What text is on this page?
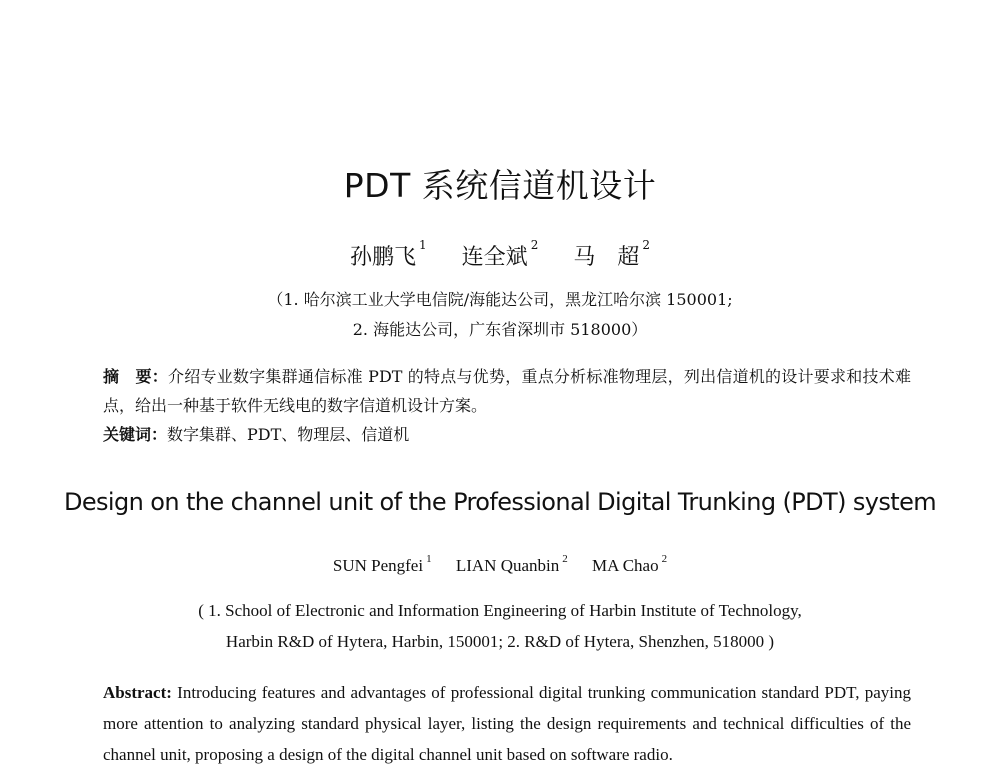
PDT 系统信道机设计
孙鹏飞 $^1$ 连全斌 $^2$ 马　超 $^2$
（1. 哈尔滨工业大学电信院/海能达公司，黑龙江哈尔滨 150001;
2. 海能达公司，广东省深圳市 518000）
摘　要：介绍专业数字集群通信标准 PDT 的特点与优势，重点分析标准物理层，列出信道机的设计要求和技术难点，给出一种基于软件无线电的数字信道机设计方案。
关键词：数字集群、PDT、物理层、信道机
Design on the channel unit of the Professional Digital Trunking (PDT) system
SUN Pengfei $^1$ LIAN Quanbin $^2$ MA Chao $^2$
( 1. School of Electronic and Information Engineering of Harbin Institute of Technology,
Harbin R&D of Hytera, Harbin, 150001; 2. R&D of Hytera, Shenzhen, 518000 )
Abstract: Introducing features and advantages of professional digital trunking communication standard PDT, paying more attention to analyzing standard physical layer, listing the design requirements and technical difficulties of the channel unit, proposing a design of the digital channel unit based on software radio.
